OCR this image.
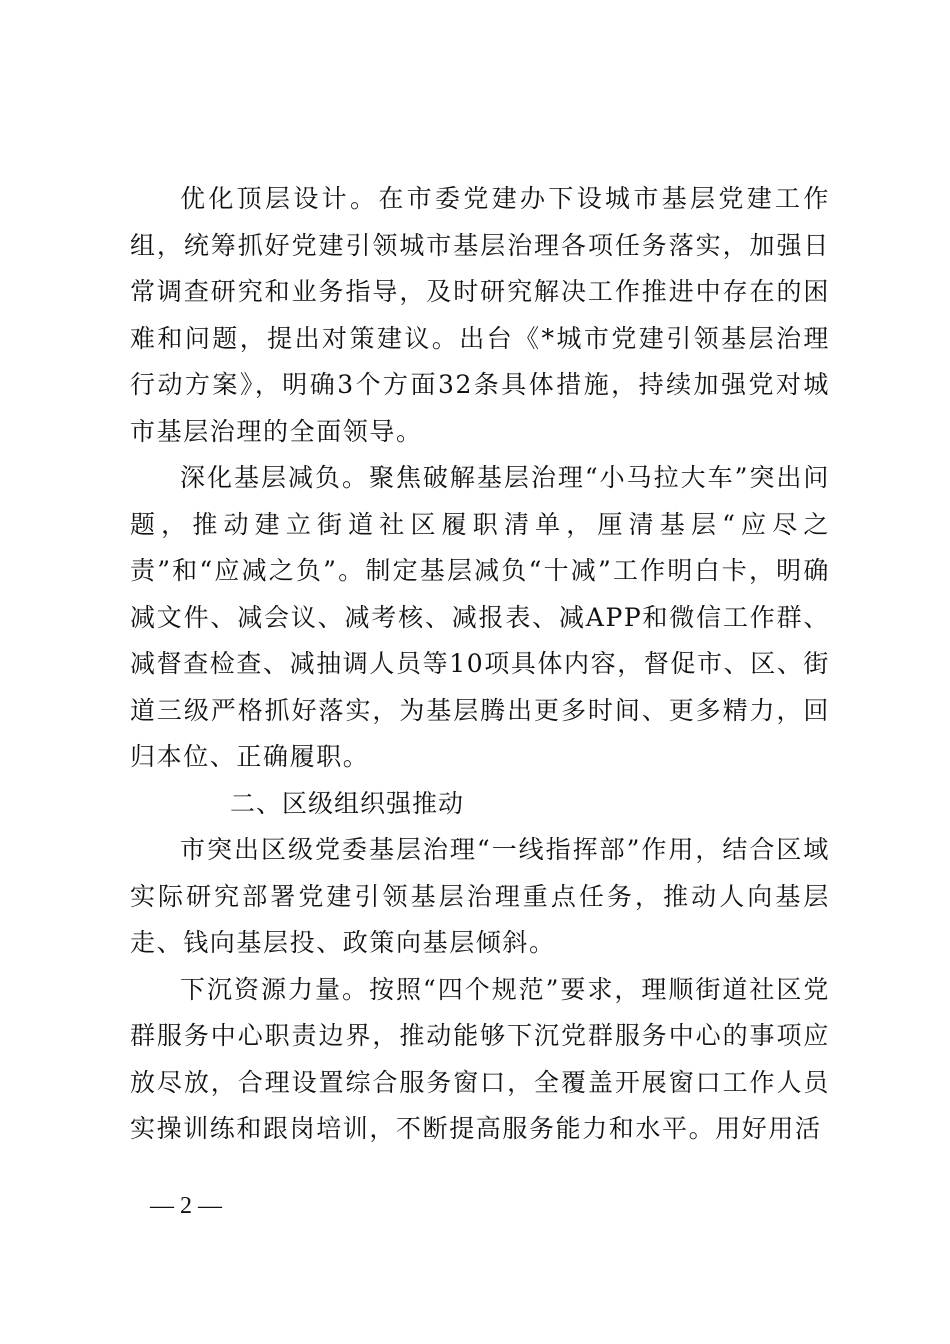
优化顶层设计。在市委党建办下设城市基层党建工作组，统筹抓好党建引领城市基层治理各项任务落实，加强日常调查研究和业务指导，及时研究解决工作推进中存在的困难和问题，提出对策建议。出台《*城市党建引领基层治理行动方案》，明确3个方面32条具体措施，持续加强党对城市基层治理的全面领导。

深化基层减负。聚焦破解基层治理“小马拉大车”突出问题，推动建立街道社区履职清单，厘清基层“应尽之责”和“应减之负”。制定基层减负“十减”工作明白卡，明确减文件、减会议、减考核、减报表、减APP和微信工作群、减督查检查、减抽调人员等10项具体内容，督促市、区、街道三级严格抓好落实，为基层腾出更多时间、更多精力，回归本位、正确履职。

二、区级组织强推动

市突出区级党委基层治理“一线指挥部”作用，结合区域实际研究部署党建引领基层治理重点任务，推动人向基层走、钱向基层投、政策向基层倾斜。

下沉资源力量。按照“四个规范”要求，理顺街道社区党群服务中心职责边界，推动能够下沉党群服务中心的事项应放尽放，合理设置综合服务窗口，全覆盖开展窗口工作人员实操训练和跟岗培训，不断提高服务能力和水平。用好用活

— 2 —
